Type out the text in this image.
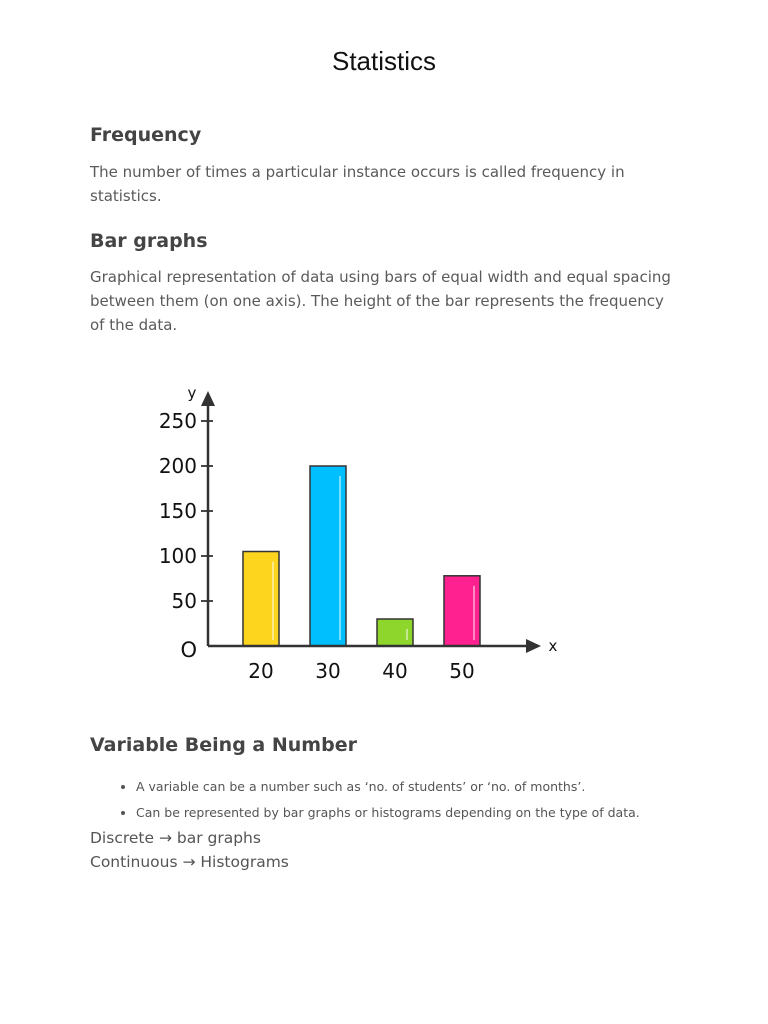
Statistics
Frequency

The number of times a particular instance occurs is called frequency in statistics.

Bar graphs

Graphical representation of data using bars of equal width and equal spacing between them (on one axis). The height of the bar represents the frequency of the data.

20 30 40 50
50
100
150
200
250
O
y
x
Variable Being a Number
• A variable can be a number such as ‘no. of students’ or ‘no. of months’.
• Can be represented by bar graphs or histograms depending on the type of data.
Discrete → bar graphs
Continuous → Histograms
